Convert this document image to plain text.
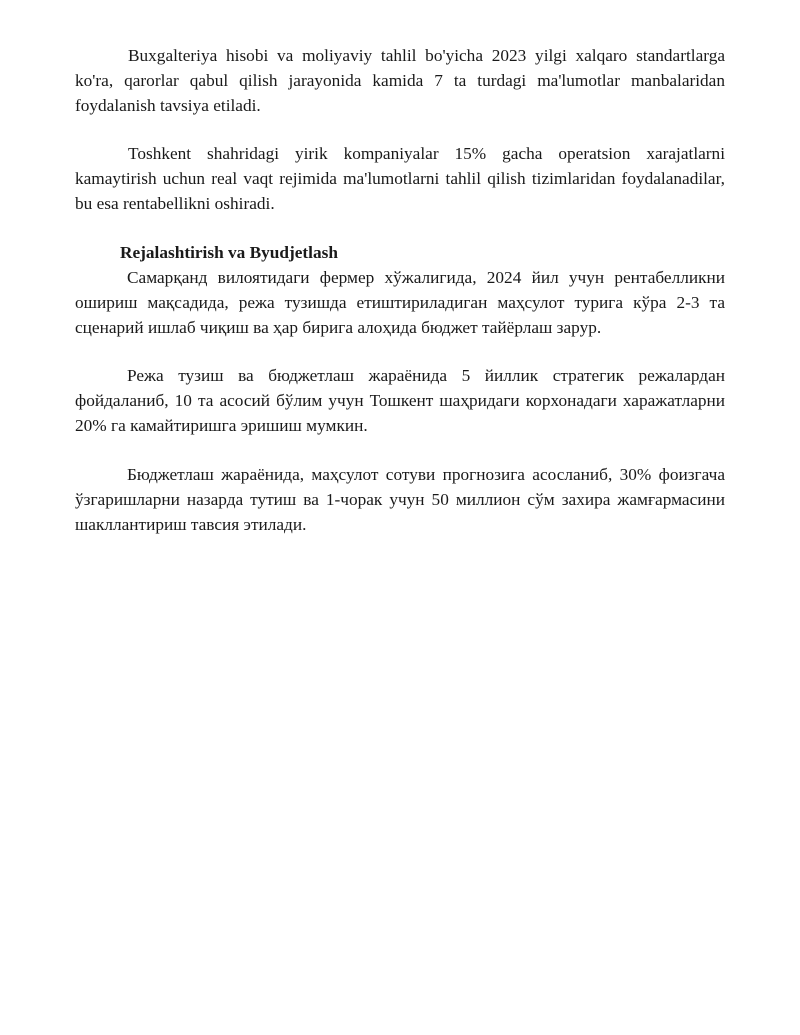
Buxgalteriya hisobi va moliyaviy tahlil bo'yicha 2023 yilgi xalqaro standartlarga ko'ra, qarorlar qabul qilish jarayonida kamida 7 ta turdagi ma'lumotlar manbalaridan foydalanish tavsiya etiladi.

Toshkent shahridagi yirik kompaniyalar 15% gacha operatsion xarajatlarni kamaytirish uchun real vaqt rejimida ma'lumotlarni tahlil qilish tizimlaridan foydalanadilar, bu esa rentabellikni oshiradi.

Rejalashtirish va Byudjetlash

Самарқанд вилоятидаги фермер хўжалигида, 2024 йил учун рентабелликни ошириш мақсадида, режа тузишда етиштириладиган маҳсулот турига кўра 2-3 та сценарий ишлаб чиқиш ва ҳар бирига алоҳида бюджет тайёрлаш зарур.

Режа тузиш ва бюджетлаш жараёнида 5 йиллик стратегик режалардан фойдаланиб, 10 та асосий бўлим учун Тошкент шаҳридаги корхонадаги харажатларни 20% га камайтиришга эришиш мумкин.

Бюджетлаш жараёнида, маҳсулот сотуви прогнозига асосланиб, 30% фоизгача ўзгаришларни назарда тутиш ва 1-чорак учун 50 миллион сўм захира жамғармасини шакллантириш тавсия этилади.
